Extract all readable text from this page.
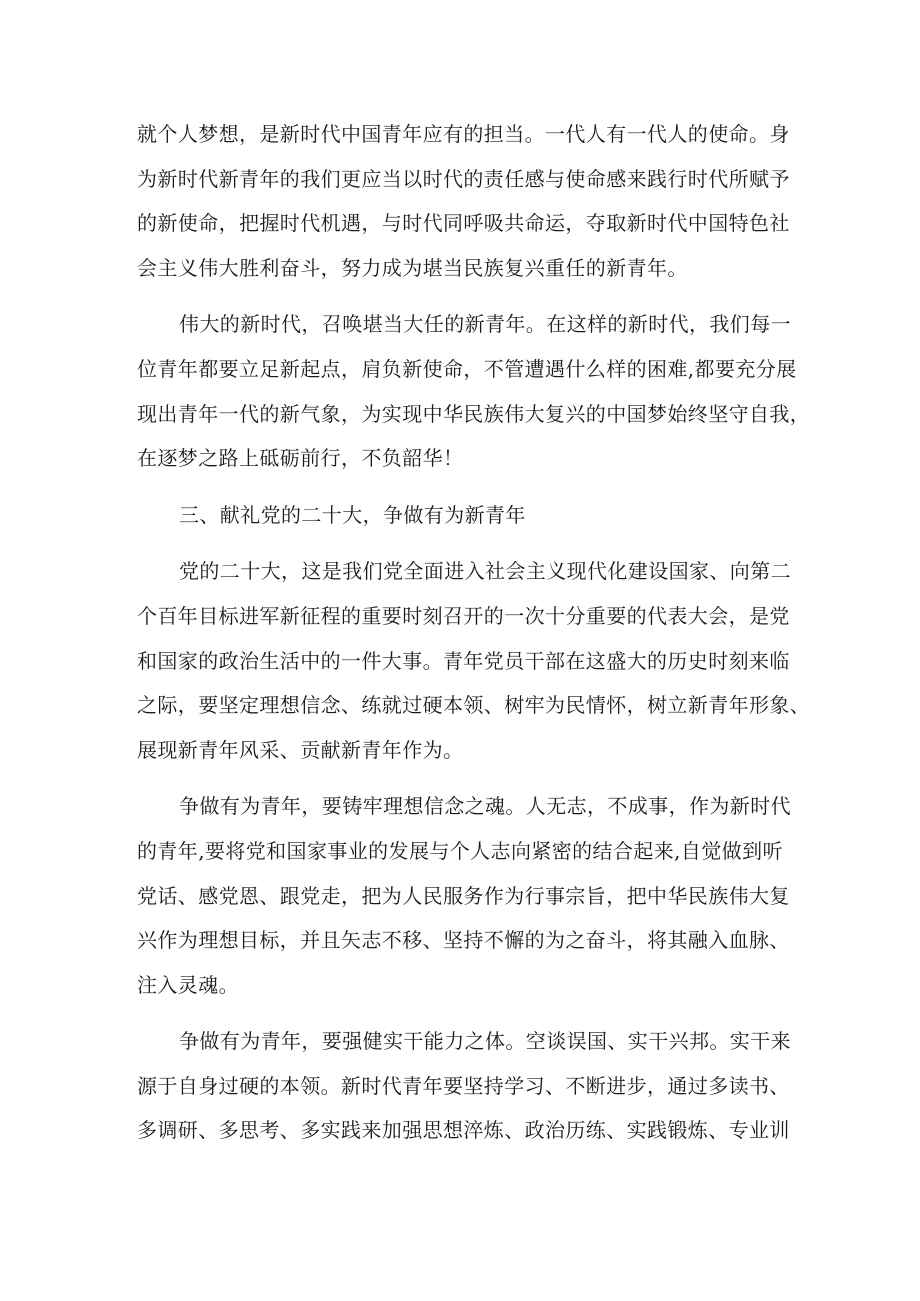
就个人梦想，是新时代中国青年应有的担当。一代人有一代人的使命。身
为新时代新青年的我们更应当以时代的责任感与使命感来践行时代所赋予
的新使命，把握时代机遇，与时代同呼吸共命运，夺取新时代中国特色社
会主义伟大胜利奋斗，努力成为堪当民族复兴重任的新青年。
伟大的新时代，召唤堪当大任的新青年。在这样的新时代，我们每一
位青年都要立足新起点，肩负新使命，不管遭遇什么样的困难,都要充分展
现出青年一代的新气象，为实现中华民族伟大复兴的中国梦始终坚守自我，
在逐梦之路上砥砺前行，不负韶华！
三、献礼党的二十大，争做有为新青年
党的二十大，这是我们党全面进入社会主义现代化建设国家、向第二
个百年目标进军新征程的重要时刻召开的一次十分重要的代表大会，是党
和国家的政治生活中的一件大事。青年党员干部在这盛大的历史时刻来临
之际，要坚定理想信念、练就过硬本领、树牢为民情怀，树立新青年形象、
展现新青年风采、贡献新青年作为。
争做有为青年，要铸牢理想信念之魂。人无志，不成事，作为新时代
的青年,要将党和国家事业的发展与个人志向紧密的结合起来,自觉做到听
党话、感党恩、跟党走，把为人民服务作为行事宗旨，把中华民族伟大复
兴作为理想目标，并且矢志不移、坚持不懈的为之奋斗，将其融入血脉、
注入灵魂。
争做有为青年，要强健实干能力之体。空谈误国、实干兴邦。实干来
源于自身过硬的本领。新时代青年要坚持学习、不断进步，通过多读书、
多调研、多思考、多实践来加强思想淬炼、政治历练、实践锻炼、专业训
